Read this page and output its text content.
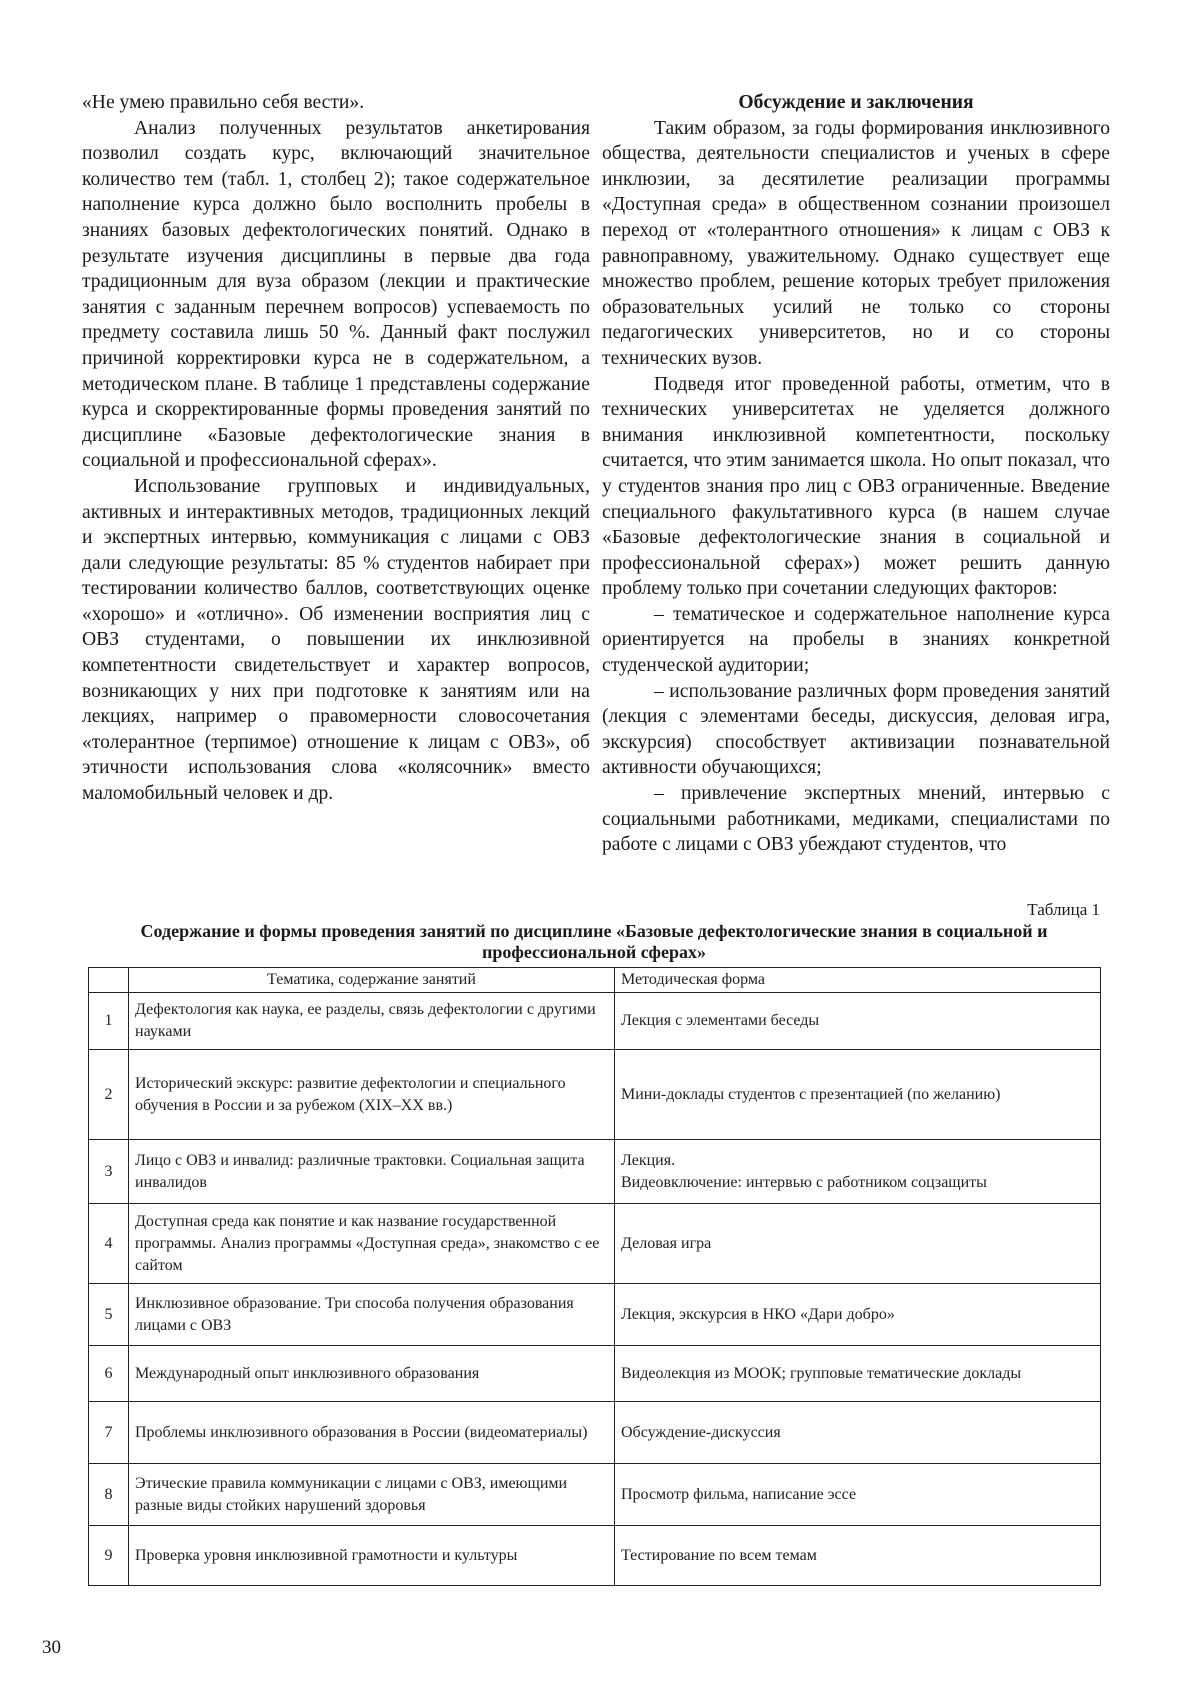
«Не умею правильно себя вести».

Анализ полученных результатов анкетирования позволил создать курс, включающий значительное количество тем (табл. 1, столбец 2); такое содержательное наполнение курса должно было восполнить пробелы в знаниях базовых дефектологических понятий. Однако в результате изучения дисциплины в первые два года традиционным для вуза образом (лекции и практические занятия с заданным перечнем вопросов) успеваемость по предмету составила лишь 50 %. Данный факт послужил причиной корректировки курса не в содержательном, а методическом плане. В таблице 1 представлены содержание курса и скорректированные формы проведения занятий по дисциплине «Базовые дефектологические знания в социальной и профессиональной сферах».

Использование групповых и индивидуальных, активных и интерактивных методов, традиционных лекций и экспертных интервью, коммуникация с лицами с ОВЗ дали следующие результаты: 85 % студентов набирает при тестировании количество баллов, соответствующих оценке «хорошо» и «отлично». Об изменении восприятия лиц с ОВЗ студентами, о повышении их инклюзивной компетентности свидетельствует и характер вопросов, возникающих у них при подготовке к занятиям или на лекциях, например о правомерности словосочетания «толерантное (терпимое) отношение к лицам с ОВЗ», об этичности использования слова «колясочник» вместо маломобильный человек и др.

Обсуждение и заключения

Таким образом, за годы формирования инклюзивного общества, деятельности специалистов и ученых в сфере инклюзии, за десятилетие реализации программы «Доступная среда» в общественном сознании произошел переход от «толерантного отношения» к лицам с ОВЗ к равноправному, уважительному. Однако существует еще множество проблем, решение которых требует приложения образовательных усилий не только со стороны педагогических университетов, но и со стороны технических вузов.

Подведя итог проведенной работы, отметим, что в технических университетах не уделяется должного внимания инклюзивной компетентности, поскольку считается, что этим занимается школа. Но опыт показал, что у студентов знания про лиц с ОВЗ ограниченные. Введение специального факультативного курса (в нашем случае «Базовые дефектологические знания в социальной и профессиональной сферах») может решить данную проблему только при сочетании следующих факторов:

– тематическое и содержательное наполнение курса ориентируется на пробелы в знаниях конкретной студенческой аудитории;

– использование различных форм проведения занятий (лекция с элементами беседы, дискуссия, деловая игра, экскурсия) способствует активизации познавательной активности обучающихся;

– привлечение экспертных мнений, интервью с социальными работниками, медиками, специалистами по работе с лицами с ОВЗ убеждают студентов, что

Таблица 1
Содержание и формы проведения занятий по дисциплине «Базовые дефектологические знания в социальной и профессиональной сферах»
	Тематика, содержание занятий	Методическая форма
1	Дефектология как наука, ее разделы, связь дефектологии с другими науками	Лекция с элементами беседы
2	Исторический экскурс: развитие дефектологии и специального обучения в России и за рубежом (XIX–XX вв.)	Мини-доклады студентов с презентацией (по желанию)
3	Лицо с ОВЗ и инвалид: различные трактовки. Социальная защита инвалидов	Лекция.
Видеовключение: интервью с работником соцзащиты
4	Доступная среда как понятие и как название государственной программы. Анализ программы «Доступная среда», знакомство с ее сайтом	Деловая игра
5	Инклюзивное образование. Три способа получения образования лицами с ОВЗ	Лекция, экскурсия в НКО «Дари добро»
6	Международный опыт инклюзивного образования	Видеолекция из МООК; групповые тематические доклады
7	Проблемы инклюзивного образования в России (видеоматериалы)	Обсуждение-дискуссия
8	Этические правила коммуникации с лицами с ОВЗ, имеющими разные виды стойких нарушений здоровья	Просмотр фильма, написание эссе
9	Проверка уровня инклюзивной грамотности и культуры	Тестирование по всем темам
30
